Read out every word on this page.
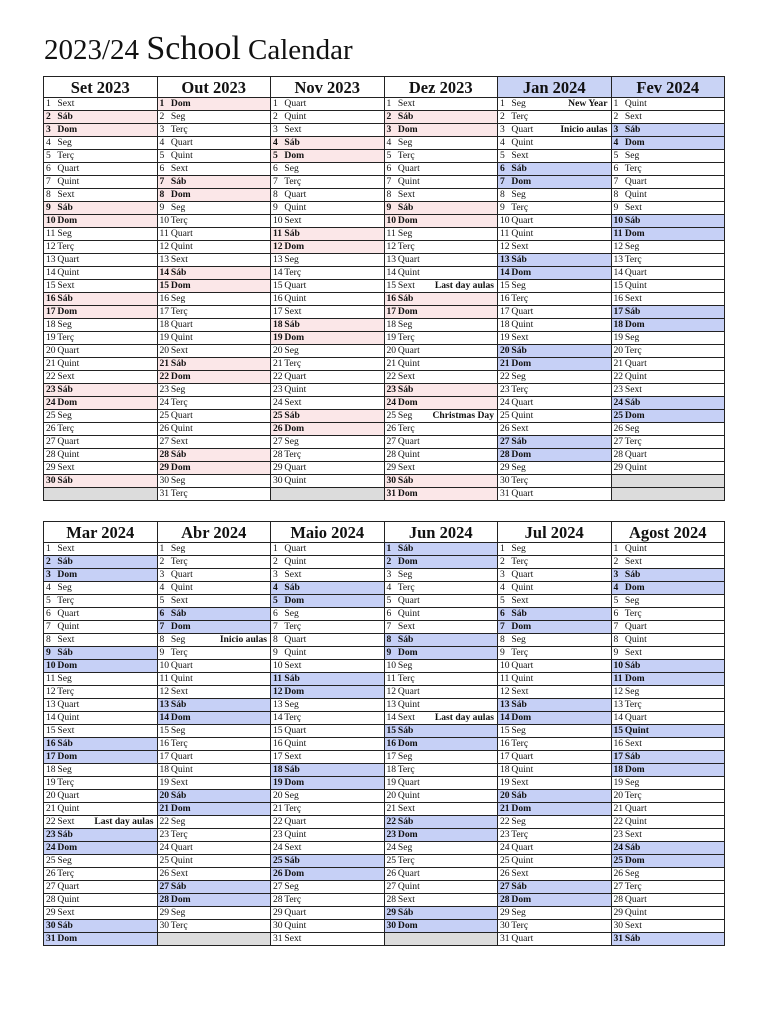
2023/24 School Calendar
Set 2023	Out 2023	Nov 2023	Dez 2023	Jan 2024	Fev 2024

1 Sext	1 Dom	1 Quart	1 Sext	1 Seg New Year	1 Quint

2 Sáb	2 Seg	2 Quint	2 Sáb	2 Terç	2 Sext

3 Dom	3 Terç	3 Sext	3 Dom	3 Quart Inicio aulas	3 Sáb

4 Seg	4 Quart	4 Sáb	4 Seg	4 Quint	4 Dom

5 Terç	5 Quint	5 Dom	5 Terç	5 Sext	5 Seg

6 Quart	6 Sext	6 Seg	6 Quart	6 Sáb	6 Terç

7 Quint	7 Sáb	7 Terç	7 Quint	7 Dom	7 Quart

8 Sext	8 Dom	8 Quart	8 Sext	8 Seg	8 Quint

9 Sáb	9 Seg	9 Quint	9 Sáb	9 Terç	9 Sext

10 Dom	10 Terç	10 Sext	10 Dom	10 Quart	10 Sáb

11 Seg	11 Quart	11 Sáb	11 Seg	11 Quint	11 Dom

12 Terç	12 Quint	12 Dom	12 Terç	12 Sext	12 Seg

13 Quart	13 Sext	13 Seg	13 Quart	13 Sáb	13 Terç

14 Quint	14 Sáb	14 Terç	14 Quint	14 Dom	14 Quart

15 Sext	15 Dom	15 Quart	15 Sext Last day aulas	15 Seg	15 Quint

16 Sáb	16 Seg	16 Quint	16 Sáb	16 Terç	16 Sext

17 Dom	17 Terç	17 Sext	17 Dom	17 Quart	17 Sáb

18 Seg	18 Quart	18 Sáb	18 Seg	18 Quint	18 Dom

19 Terç	19 Quint	19 Dom	19 Terç	19 Sext	19 Seg

20 Quart	20 Sext	20 Seg	20 Quart	20 Sáb	20 Terç

21 Quint	21 Sáb	21 Terç	21 Quint	21 Dom	21 Quart

22 Sext	22 Dom	22 Quart	22 Sext	22 Seg	22 Quint

23 Sáb	23 Seg	23 Quint	23 Sáb	23 Terç	23 Sext

24 Dom	24 Terç	24 Sext	24 Dom	24 Quart	24 Sáb

25 Seg	25 Quart	25 Sáb	25 Seg Christmas Day	25 Quint	25 Dom

26 Terç	26 Quint	26 Dom	26 Terç	26 Sext	26 Seg

27 Quart	27 Sext	27 Seg	27 Quart	27 Sáb	27 Terç

28 Quint	28 Sáb	28 Terç	28 Quint	28 Dom	28 Quart

29 Sext	29 Dom	29 Quart	29 Sext	29 Seg	29 Quint

30 Sáb	30 Seg	30 Quint	30 Sáb	30 Terç	

	31 Terç		31 Dom	31 Quart	

Mar 2024	Abr 2024	Maio 2024	Jun 2024	Jul 2024	Agost 2024

1 Sext	1 Seg	1 Quart	1 Sáb	1 Seg	1 Quint

2 Sáb	2 Terç	2 Quint	2 Dom	2 Terç	2 Sext

3 Dom	3 Quart	3 Sext	3 Seg	3 Quart	3 Sáb

4 Seg	4 Quint	4 Sáb	4 Terç	4 Quint	4 Dom

5 Terç	5 Sext	5 Dom	5 Quart	5 Sext	5 Seg

6 Quart	6 Sáb	6 Seg	6 Quint	6 Sáb	6 Terç

7 Quint	7 Dom	7 Terç	7 Sext	7 Dom	7 Quart

8 Sext	8 Seg Inicio aulas	8 Quart	8 Sáb	8 Seg	8 Quint

9 Sáb	9 Terç	9 Quint	9 Dom	9 Terç	9 Sext

10 Dom	10 Quart	10 Sext	10 Seg	10 Quart	10 Sáb

11 Seg	11 Quint	11 Sáb	11 Terç	11 Quint	11 Dom

12 Terç	12 Sext	12 Dom	12 Quart	12 Sext	12 Seg

13 Quart	13 Sáb	13 Seg	13 Quint	13 Sáb	13 Terç

14 Quint	14 Dom	14 Terç	14 Sext Last day aulas	14 Dom	14 Quart

15 Sext	15 Seg	15 Quart	15 Sáb	15 Seg	15 Quint

16 Sáb	16 Terç	16 Quint	16 Dom	16 Terç	16 Sext

17 Dom	17 Quart	17 Sext	17 Seg	17 Quart	17 Sáb

18 Seg	18 Quint	18 Sáb	18 Terç	18 Quint	18 Dom

19 Terç	19 Sext	19 Dom	19 Quart	19 Sext	19 Seg

20 Quart	20 Sáb	20 Seg	20 Quint	20 Sáb	20 Terç

21 Quint	21 Dom	21 Terç	21 Sext	21 Dom	21 Quart

22 Sext Last day aulas	22 Seg	22 Quart	22 Sáb	22 Seg	22 Quint

23 Sáb	23 Terç	23 Quint	23 Dom	23 Terç	23 Sext

24 Dom	24 Quart	24 Sext	24 Seg	24 Quart	24 Sáb

25 Seg	25 Quint	25 Sáb	25 Terç	25 Quint	25 Dom

26 Terç	26 Sext	26 Dom	26 Quart	26 Sext	26 Seg

27 Quart	27 Sáb	27 Seg	27 Quint	27 Sáb	27 Terç

28 Quint	28 Dom	28 Terç	28 Sext	28 Dom	28 Quart

29 Sext	29 Seg	29 Quart	29 Sáb	29 Seg	29 Quint

30 Sáb	30 Terç	30 Quint	30 Dom	30 Terç	30 Sext

31 Dom		31 Sext		31 Quart	31 Sáb
